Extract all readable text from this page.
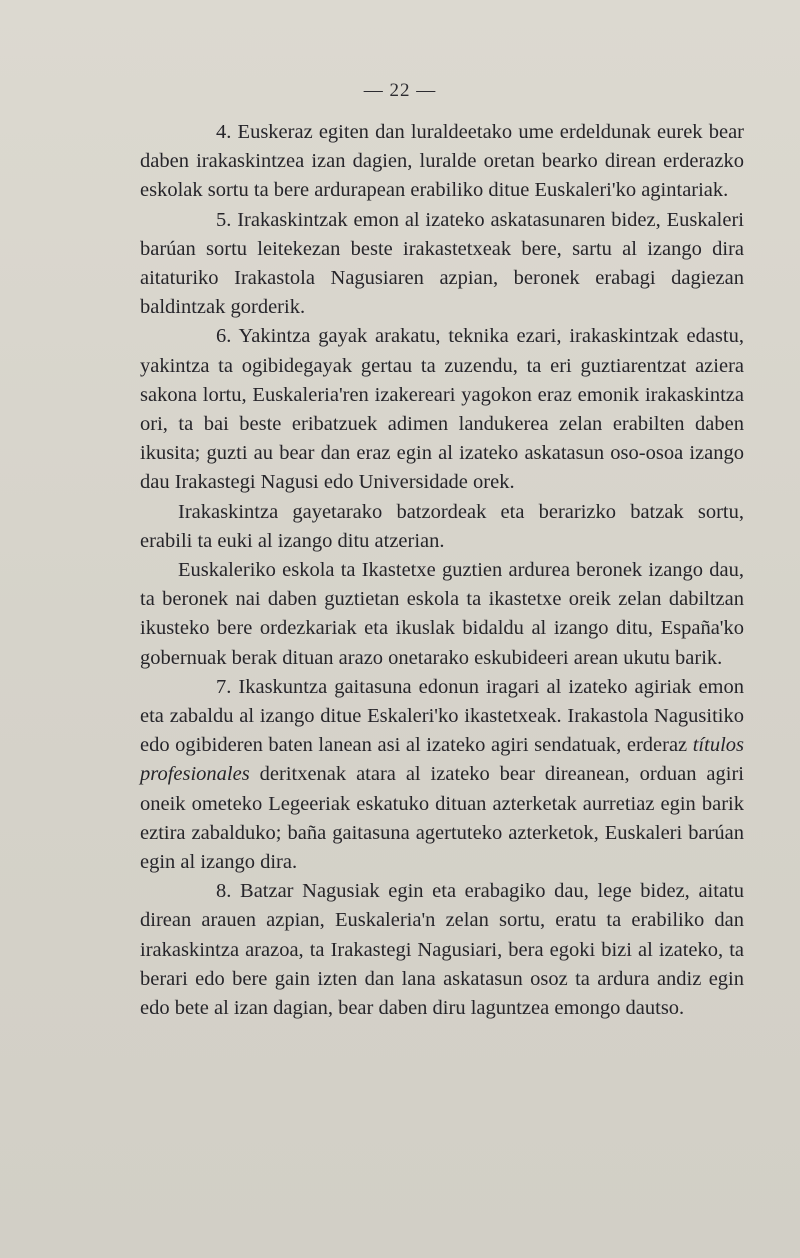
— 22 —

4. Euskeraz egiten dan luraldeetako ume erdeldunak eurek bear daben irakaskintzea izan dagien, luralde oretan bearko direan erderazko eskolak sortu ta bere ardurapean erabiliko ditue Euskaleri'ko agintariak.

5. Irakaskintzak emon al izateko askatasunaren bidez, Euskaleri barúan sortu leitekezan beste irakastetxeak bere, sartu al izango dira aitaturiko Irakastola Nagusiaren azpian, beronek erabagi dagiezan baldintzak gorderik.

6. Yakintza gayak arakatu, teknika ezari, irakaskintzak edastu, yakintza ta ogibidegayak gertau ta zuzendu, ta eri guztiarentzat aziera sakona lortu, Euskaleria'ren izakereari yagokon eraz emonik irakaskintza ori, ta bai beste eribatzuek adimen landukerea zelan erabilten daben ikusita; guzti au bear dan eraz egin al izateko askatasun oso-osoa izango dau Irakastegi Nagusi edo Universidade orek.

Irakaskintza gayetarako batzordeak eta berarizko batzak sortu, erabili ta euki al izango ditu atzerian.

Euskaleriko eskola ta Ikastetxe guztien ardurea beronek izango dau, ta beronek nai daben guztietan eskola ta ikastetxe oreik zelan dabiltzan ikusteko bere ordezkariak eta ikuslak bidaldu al izango ditu, España'ko gobernuak berak dituan arazo onetarako eskubideeri arean ukutu barik.

7. Ikaskuntza gaitasuna edonun iragari al izateko agiriak emon eta zabaldu al izango ditue Eskaleri'ko ikastetxeak. Irakastola Nagusitiko edo ogibideren baten lanean asi al izateko agiri sendatuak, erderaz títulos profesionales deritxenak atara al izateko bear direanean, orduan agiri oneik ometeko Legeeriak eskatuko dituan azterketak aurretiaz egin barik eztira zabalduko; baña gaitasuna agertuteko azterketok, Euskaleri barúan egin al izango dira.

8. Batzar Nagusiak egin eta erabagiko dau, lege bidez, aitatu direan arauen azpian, Euskaleria'n zelan sortu, eratu ta erabiliko dan irakaskintza arazoa, ta Irakastegi Nagusiari, bera egoki bizi al izateko, ta berari edo bere gain izten dan lana askatasun osoz ta ardura andiz egin edo bete al izan dagian, bear daben diru laguntzea emongo dautso.
